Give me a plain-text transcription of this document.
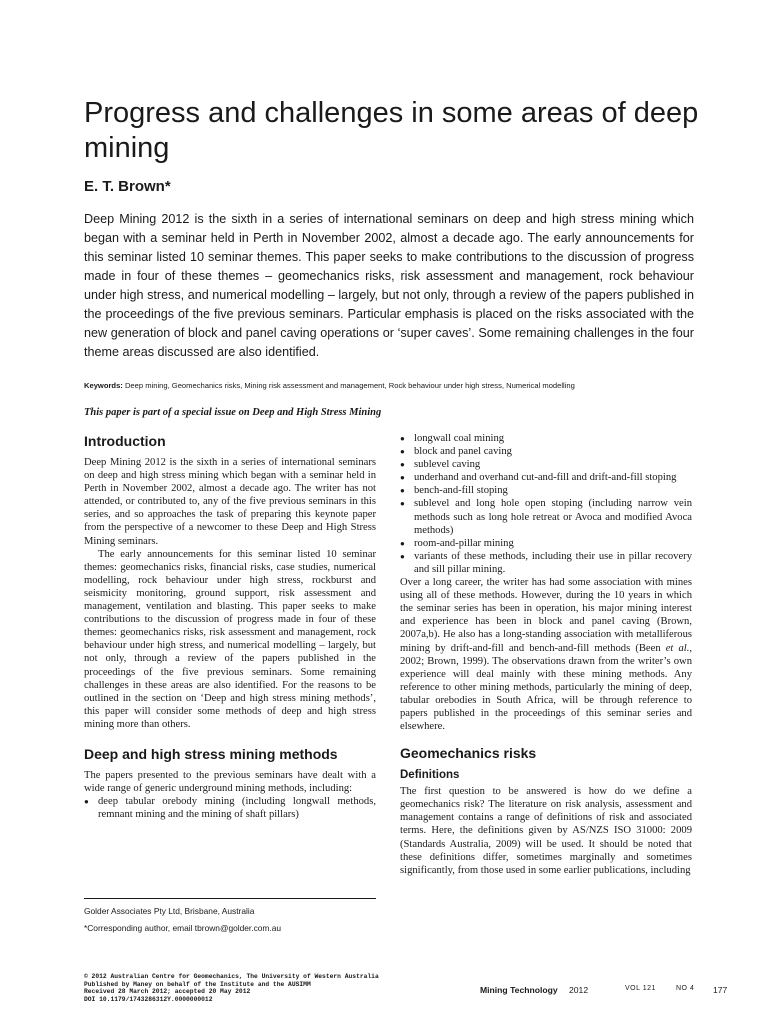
Progress and challenges in some areas of deep mining
E. T. Brown*

Deep Mining 2012 is the sixth in a series of international seminars on deep and high stress mining which began with a seminar held in Perth in November 2002, almost a decade ago. The early announcements for this seminar listed 10 seminar themes. This paper seeks to make contributions to the discussion of progress made in four of these themes – geomechanics risks, risk assessment and management, rock behaviour under high stress, and numerical modelling – largely, but not only, through a review of the papers published in the proceedings of the five previous seminars. Particular emphasis is placed on the risks associated with the new generation of block and panel caving operations or ‘super caves’. Some remaining challenges in the four theme areas discussed are also identified.

Keywords: Deep mining, Geomechanics risks, Mining risk assessment and management, Rock behaviour under high stress, Numerical modelling
This paper is part of a special issue on Deep and High Stress Mining
Introduction

Deep Mining 2012 is the sixth in a series of international seminars on deep and high stress mining which began with a seminar held in Perth in November 2002, almost a decade ago. The writer has not attended, or contributed to, any of the five previous seminars in this series, and so approaches the task of preparing this keynote paper from the perspective of a newcomer to these Deep and High Stress Mining seminars.

The early announcements for this seminar listed 10 seminar themes: geomechanics risks, financial risks, case studies, numerical modelling, rock behaviour under high stress, rockburst and seismicity monitoring, ground support, risk assessment and management, ventilation and blasting. This paper seeks to make contributions to the discussion of progress made in four of these themes: geomechanics risks, risk assessment and management, rock behaviour under high stress, and numerical modelling – largely, but not only, through a review of the papers published in the proceedings of the five previous seminars. Some remaining challenges in these areas are also identified. For the reasons to be outlined in the section on ‘Deep and high stress mining methods’, this paper will consider some methods of deep and high stress mining more than others.

Deep and high stress mining methods

The papers presented to the previous seminars have dealt with a wide range of generic underground mining methods, including:

● deep tabular orebody mining (including longwall methods, remnant mining and the mining of shaft pillars)
● longwall coal mining
● block and panel caving
● sublevel caving
● underhand and overhand cut-and-fill and drift-and-fill stoping
● bench-and-fill stoping
● sublevel and long hole open stoping (including narrow vein methods such as long hole retreat or Avoca and modified Avoca methods)
● room-and-pillar mining
● variants of these methods, including their use in pillar recovery and sill pillar mining.

Over a long career, the writer has had some association with mines using all of these methods. However, during the 10 years in which the seminar series has been in operation, his major mining interest and experience has been in block and panel caving (Brown, 2007a,b). He also has a long-standing association with metalliferous mining by drift-and-fill and bench-and-fill methods (Been et al., 2002; Brown, 1999). The observations drawn from the writer’s own experience will deal mainly with these mining methods. Any reference to other mining methods, particularly the mining of deep, tabular orebodies in South Africa, will be through reference to papers published in the proceedings of this seminar series and elsewhere.

Geomechanics risks
Definitions

The first question to be answered is how do we define a geomechanics risk? The literature on risk analysis, assessment and management contains a range of definitions of risk and associated terms. Here, the definitions given by AS/NZS ISO 31000: 2009 (Standards Australia, 2009) will be used. It should be noted that these definitions differ, sometimes marginally and sometimes significantly, from those used in some earlier publications, including

Golder Associates Pty Ltd, Brisbane, Australia
*Corresponding author, email tbrown@golder.com.au
© 2012 Australian Centre for Geomechanics, The University of Western Australia
Published by Maney on behalf of the Institute and the AUSIMM
Received 28 March 2012; accepted 20 May 2012
DOI 10.1179/1743286312Y.0000000012
Mining Technology 2012	VOL 121	NO 4 177
